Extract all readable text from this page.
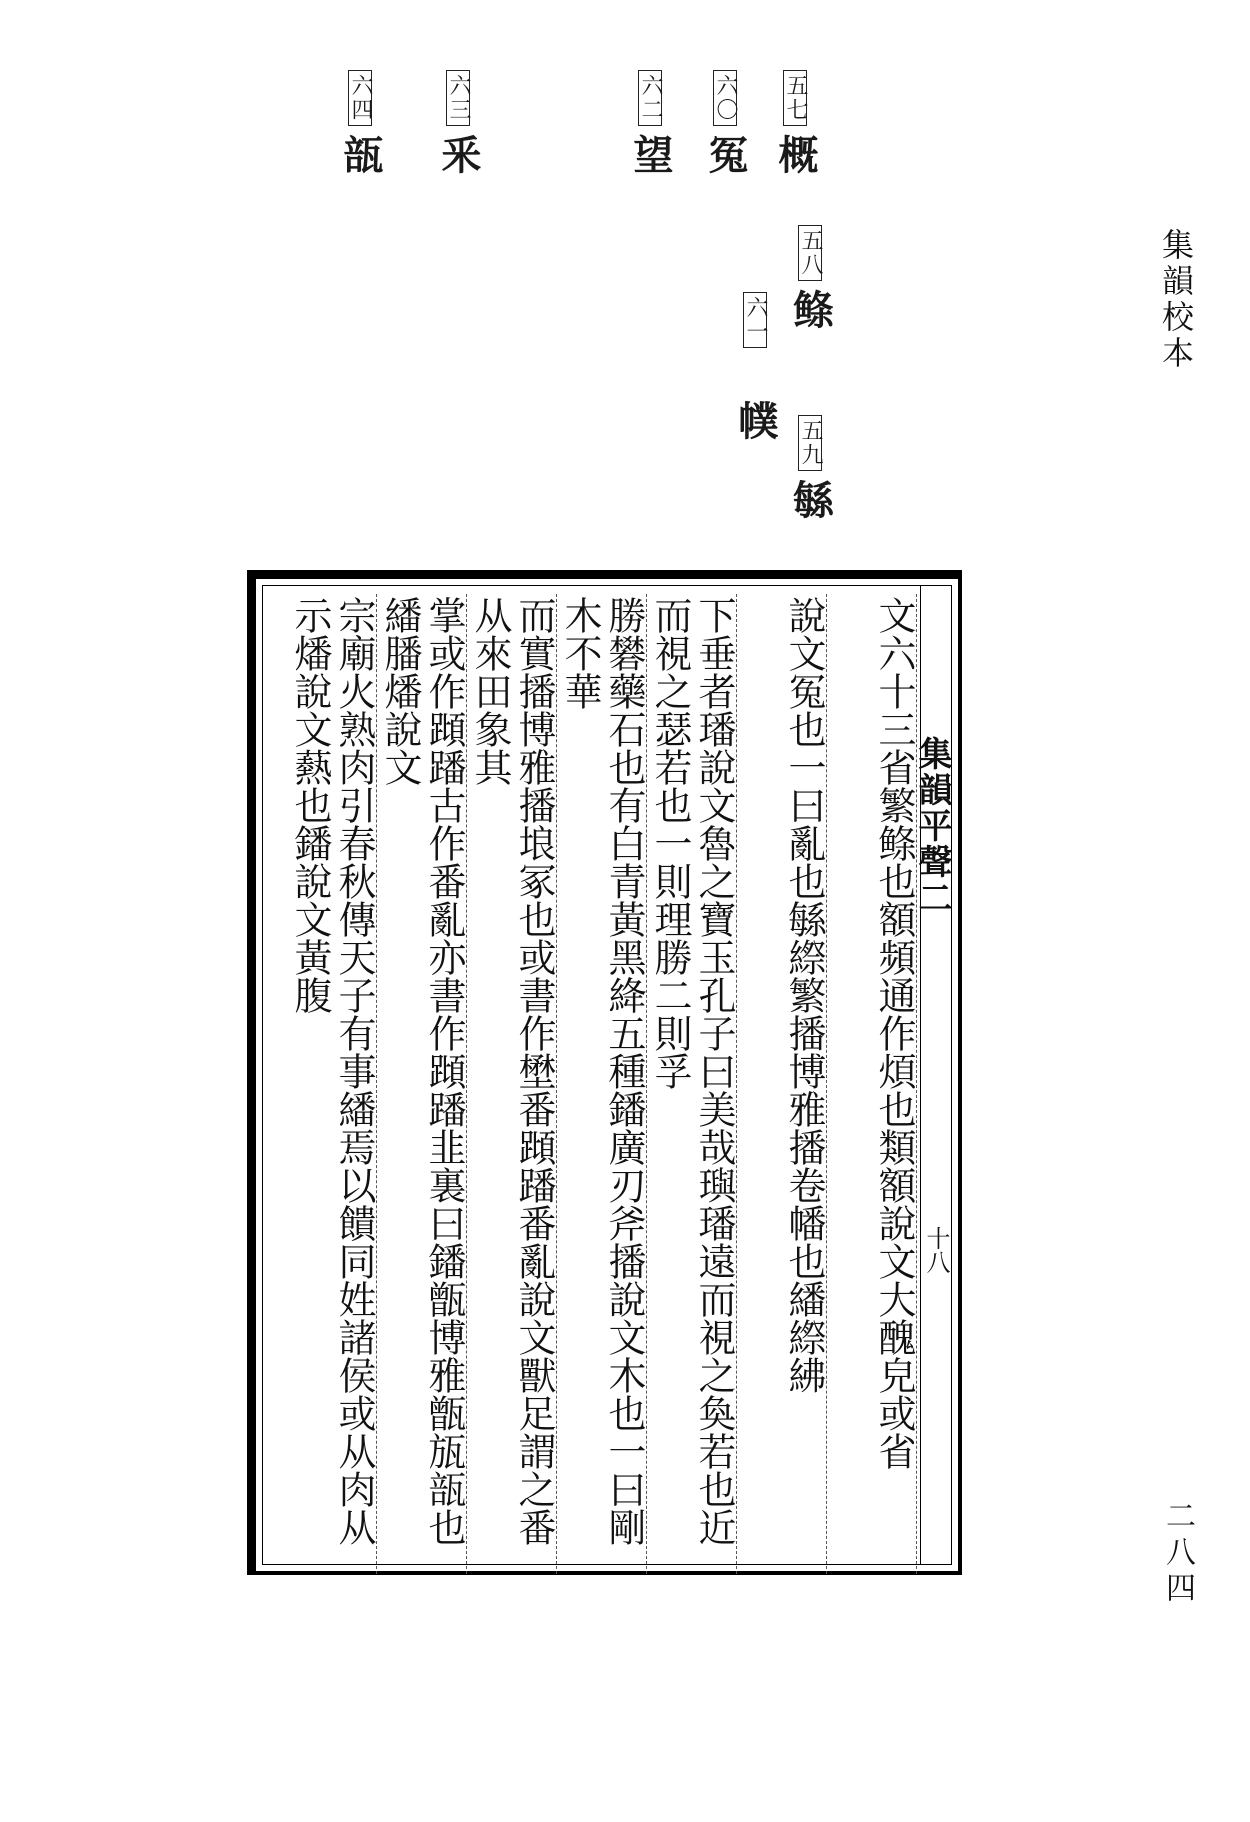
集韻校本
二八四
五七概
六〇冤
六二望
六三釆
六四瓿
五八鲦
六一
幞 五九緐
集韻平聲二
十八
文六十三省繁鲦也額頻通作煩也類額說文大醜皃或省
說文冤也一曰亂也緐縩繁播博雅播卷幡也繙縩紼
下垂者璠說文魯之寶玉孔子曰美哉璵璠遠而視之奐若也近而視之瑟若也一則理勝二則孚
勝礬藥石也有白青黃黑絳五種鐇廣刃斧播說文木也一曰剛木不華
而實播博雅播埌冢也或書作壄番蹞蹯番亂說文獸足謂之番从來田象其
掌或作蹞蹯古作番亂亦書作蹞蹯韭裏曰鐇甑博雅甑瓬瓿也繙膰燔說文
宗廟火熟肉引春秋傳天子有事繙焉以饋同姓諸侯或从肉从示燔說文爇也鐇說文黃腹
